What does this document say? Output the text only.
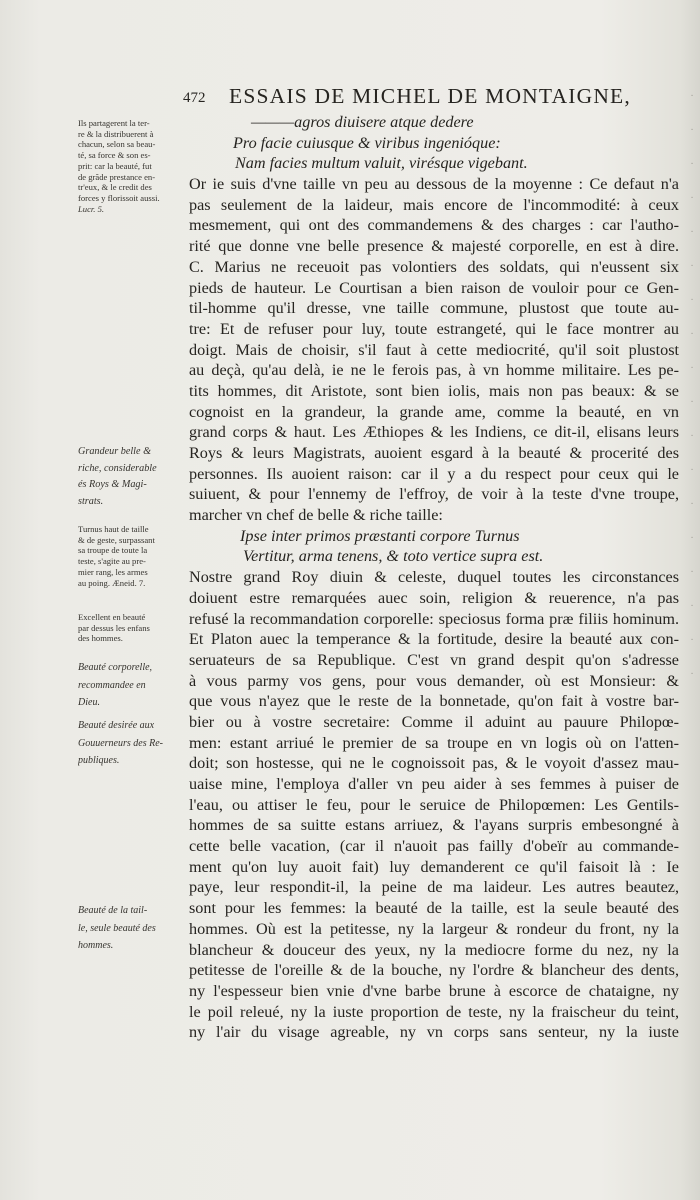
·
·
·
·
·
·
·
·
·
·
·
·
·
·
·
·
·
·
472 ESSAIS DE MICHEL DE MONTAIGNE,
———agros diuisere atque dedere
Pro facie cuiusque & viribus ingenióque:
Nam facies multum valuit, virésque vigebant.
Or ie suis d'vne taille vn peu au dessous de la moyenne : Ce defaut n'a
pas seulement de la laideur, mais encore de l'incommodité: à ceux
mesmement, qui ont des commandemens & des charges : car l'autho-
rité que donne vne belle presence & majesté corporelle, en est à dire.
C. Marius ne receuoit pas volontiers des soldats, qui n'eussent six
pieds de hauteur. Le Courtisan a bien raison de vouloir pour ce Gen-
til-homme qu'il dresse, vne taille commune, plustost que toute au-
tre: Et de refuser pour luy, toute estrangeté, qui le face montrer au
doigt. Mais de choisir, s'il faut à cette mediocrité, qu'il soit plustost
au deçà, qu'au delà, ie ne le ferois pas, à vn homme militaire. Les pe-
tits hommes, dit Aristote, sont bien iolis, mais non pas beaux: & se
cognoist en la grandeur, la grande ame, comme la beauté, en vn
grand corps & haut. Les Æthiopes & les Indiens, ce dit-il, elisans leurs
Roys & leurs Magistrats, auoient esgard à la beauté & procerité des
personnes. Ils auoient raison: car il y a du respect pour ceux qui le
suiuent, & pour l'ennemy de l'effroy, de voir à la teste d'vne troupe,
marcher vn chef de belle & riche taille:
Ipse inter primos præstanti corpore Turnus
Vertitur, arma tenens, & toto vertice supra est.
Nostre grand Roy diuin & celeste, duquel toutes les circonstances
doiuent estre remarquées auec soin, religion & reuerence, n'a pas
refusé la recommandation corporelle: speciosus forma præ filiis hominum.
Et Platon auec la temperance & la fortitude, desire la beauté aux con-
seruateurs de sa Republique. C'est vn grand despit qu'on s'adresse
à vous parmy vos gens, pour vous demander, où est Monsieur: &
que vous n'ayez que le reste de la bonnetade, qu'on fait à vostre bar-
bier ou à vostre secretaire: Comme il aduint au pauure Philopœ-
men: estant arriué le premier de sa troupe en vn logis où on l'atten-
doit; son hostesse, qui ne le cognoissoit pas, & le voyoit d'assez mau-
uaise mine, l'employa d'aller vn peu aider à ses femmes à puiser de
l'eau, ou attiser le feu, pour le seruice de Philopœmen: Les Gentils-
hommes de sa suitte estans arriuez, & l'ayans surpris embesongné à
cette belle vacation, (car il n'auoit pas failly d'obeïr au commande-
ment qu'on luy auoit fait) luy demanderent ce qu'il faisoit là : Ie
paye, leur respondit-il, la peine de ma laideur. Les autres beautez,
sont pour les femmes: la beauté de la taille, est la seule beauté des
hommes. Où est la petitesse, ny la largeur & rondeur du front, ny la
blancheur & douceur des yeux, ny la mediocre forme du nez, ny la
petitesse de l'oreille & de la bouche, ny l'ordre & blancheur des dents,
ny l'espesseur bien vnie d'vne barbe brune à escorce de chataigne, ny
le poil releué, ny la iuste proportion de teste, ny la fraischeur du teint,
ny l'air du visage agreable, ny vn corps sans senteur, ny la iuste
Ils partagerent la ter-
re & la distribuerent à
chacun, selon sa beau-
té, sa force & son es-
prit: car la beauté, fut
de grãde prestance en-
tr'eux, & le credit des
forces y florissoit aussi.
Lucr. 5.
Grandeur belle &
riche, considerable
és Roys & Magi-
strats.
Turnus haut de taille
& de geste, surpassant
sa troupe de toute la
teste, s'agite au pre-
mier rang, les armes
au poing. Æneid. 7.
Excellent en beauté
par dessus les enfans
des hommes.
Beauté corporelle,
recommandee en
Dieu.
Beauté desirée aux
Gouuerneurs des Re-
publiques.
Beauté de la tail-
le, seule beauté des
hommes.
